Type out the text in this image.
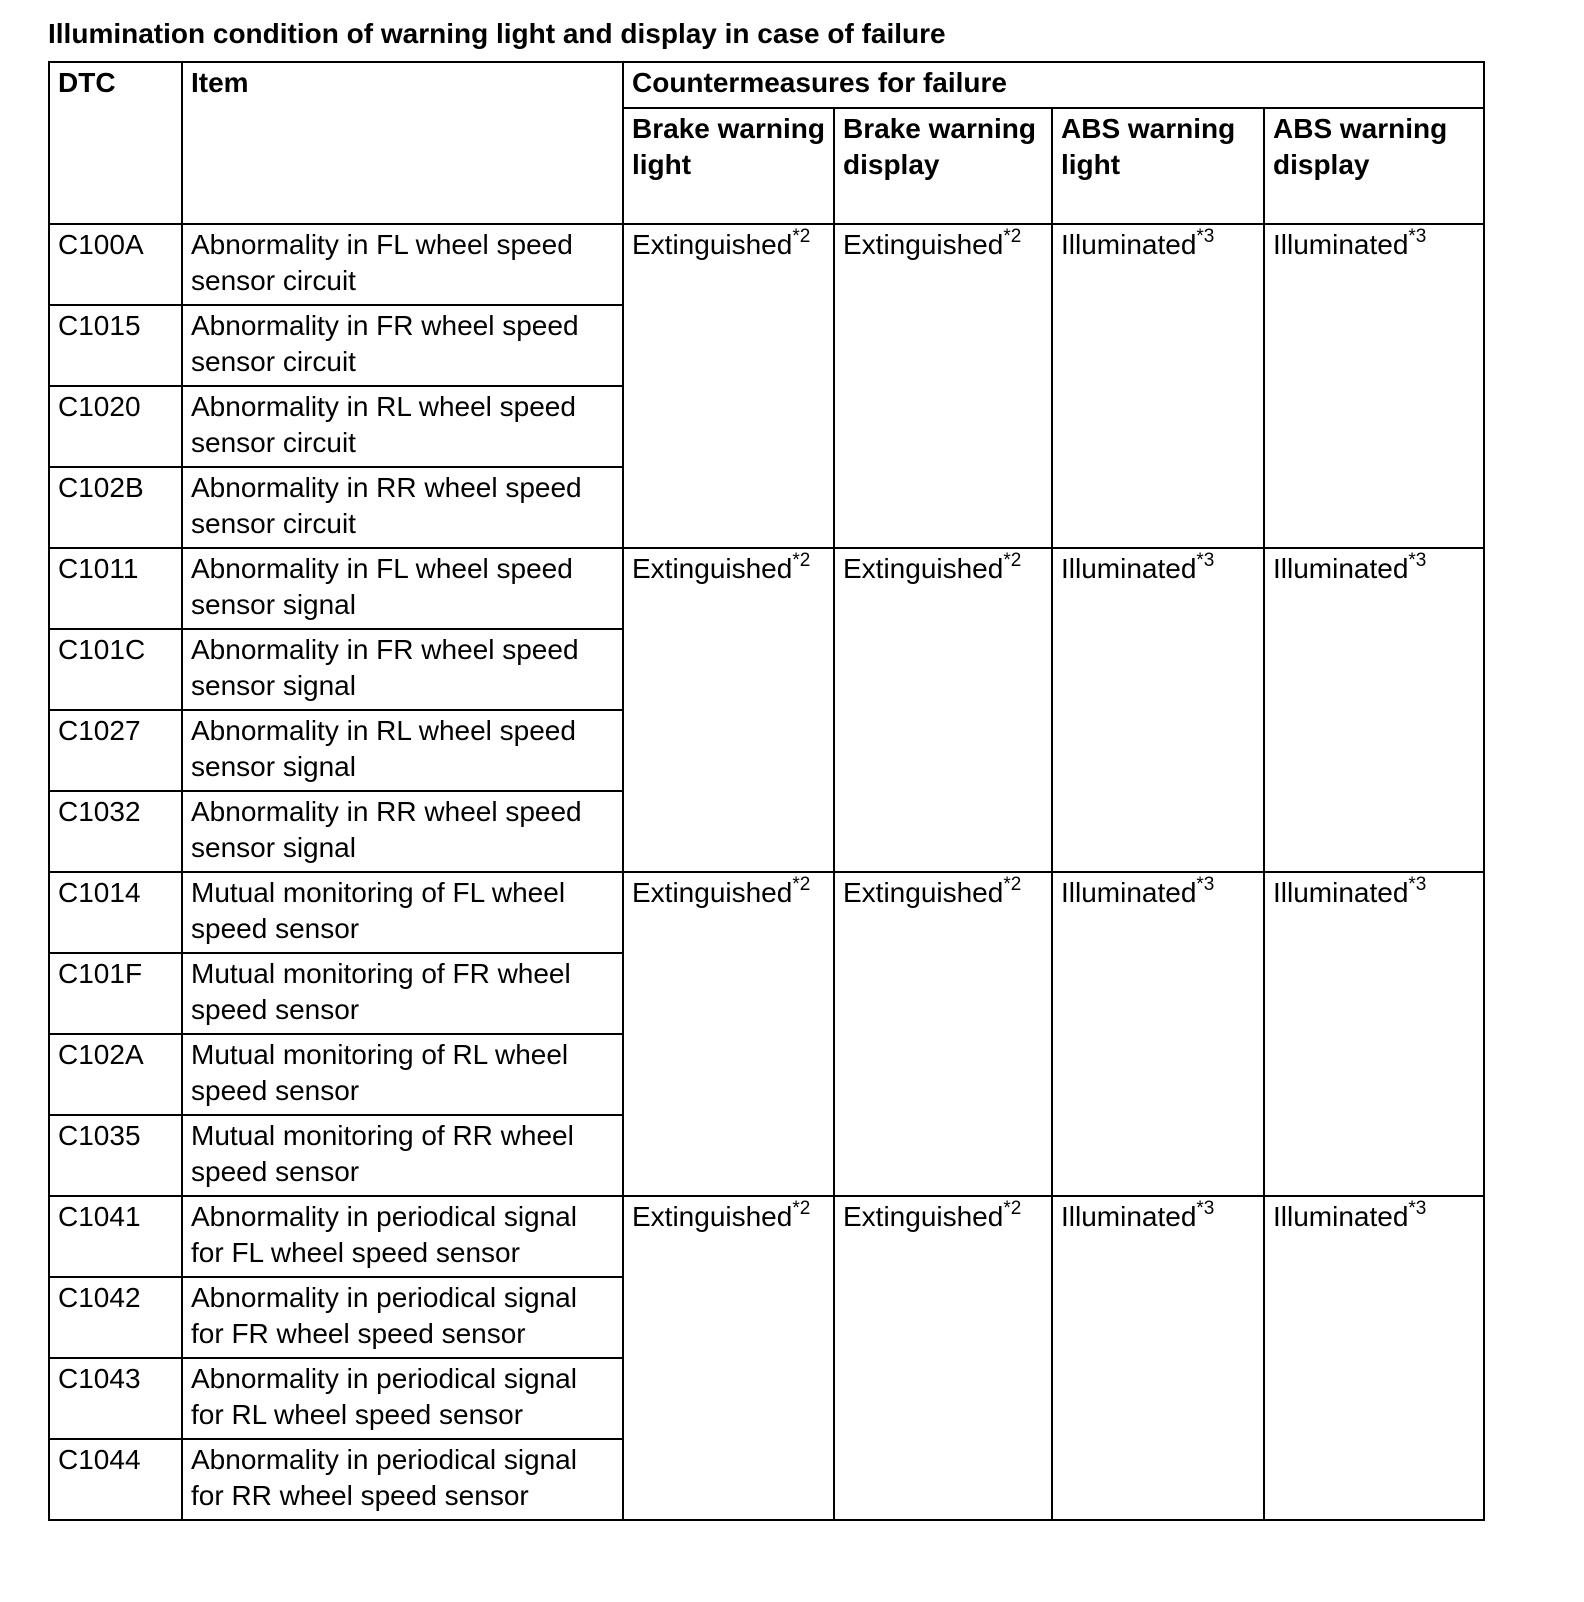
Illumination condition of warning light and display in case of failure
DTC	Item	Countermeasures for failure			
		Brake warning light	Brake warning display	ABS warning light	ABS warning display
C100A	Abnormality in FL wheel speed sensor circuit	Extinguished$^{*2}$	Extinguished$^{*2}$	Illuminated$^{*3}$	Illuminated$^{*3}$
C1015	Abnormality in FR wheel speed sensor circuit				
C1020	Abnormality in RL wheel speed sensor circuit				
C102B	Abnormality in RR wheel speed sensor circuit				
C1011	Abnormality in FL wheel speed sensor signal	Extinguished$^{*2}$	Extinguished$^{*2}$	Illuminated$^{*3}$	Illuminated$^{*3}$
C101C	Abnormality in FR wheel speed sensor signal				
C1027	Abnormality in RL wheel speed sensor signal				
C1032	Abnormality in RR wheel speed sensor signal				
C1014	Mutual monitoring of FL wheel speed sensor	Extinguished$^{*2}$	Extinguished$^{*2}$	Illuminated$^{*3}$	Illuminated$^{*3}$
C101F	Mutual monitoring of FR wheel speed sensor				
C102A	Mutual monitoring of RL wheel speed sensor				
C1035	Mutual monitoring of RR wheel speed sensor				
C1041	Abnormality in periodical signal for FL wheel speed sensor	Extinguished$^{*2}$	Extinguished$^{*2}$	Illuminated$^{*3}$	Illuminated$^{*3}$
C1042	Abnormality in periodical signal for FR wheel speed sensor				
C1043	Abnormality in periodical signal for RL wheel speed sensor				
C1044	Abnormality in periodical signal for RR wheel speed sensor				
